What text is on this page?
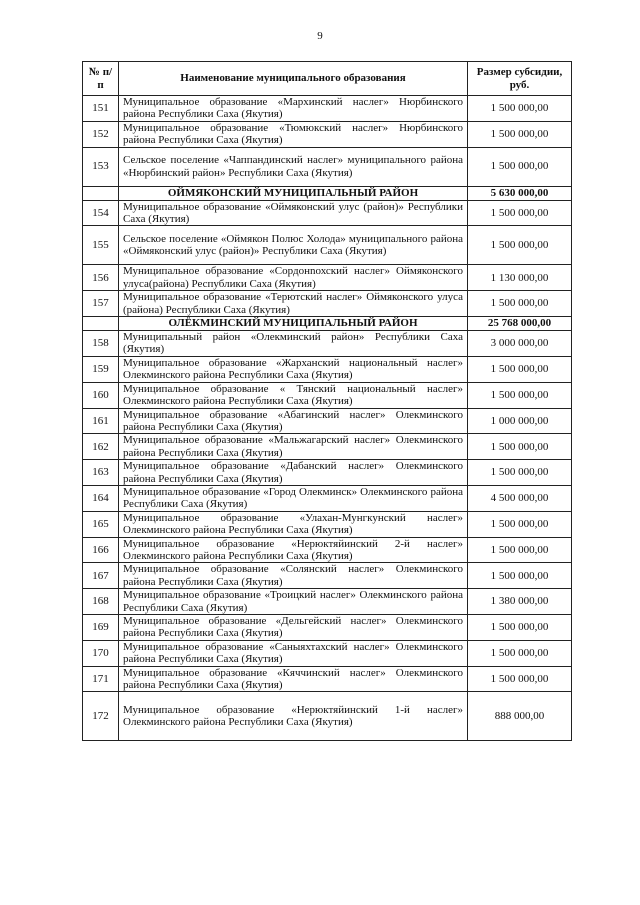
9
№ п/п	Наименование муниципального образования	Размер субсидии, руб.
151	Муниципальное образование «Мархинский наслег» Нюрбинского района Республики Саха (Якутия)	1 500 000,00
152	Муниципальное образование «Тюмюкский наслег» Нюрбинского района Республики Саха (Якутия)	1 500 000,00
153	Сельское поселение «Чаппандинский наслег» муниципального района «Нюрбинский район» Республики Саха (Якутия)	1 500 000,00
	ОЙМЯКОНСКИЙ МУНИЦИПАЛЬНЫЙ РАЙОН	5 630 000,00
154	Муниципальное образование «Оймяконский улус (район)» Республики Саха (Якутия)	1 500 000,00
155	Сельское поселение «Оймякон Полюс Холода» муниципального района «Оймяконский улус (район)» Республики Саха (Якутия)	1 500 000,00
156	Муниципальное образование «Сордонnохский наслег» Оймяконского улуса(района) Республики Саха (Якутия)	1 130 000,00
157	Муниципальное образование «Терютский наслег» Оймяконского улуса (района) Республики Саха (Якутия)	1 500 000,00
	ОЛЁКМИНСКИЙ МУНИЦИПАЛЬНЫЙ РАЙОН	25 768 000,00
158	Муниципальный район «Олекминский район» Республики Саха (Якутия)	3 000 000,00
159	Муниципальное образование «Жарханский национальный наслег» Олекминского района Республики Саха (Якутия)	1 500 000,00
160	Муниципальное образование « Тянский национальный наслег» Олекминского района Республики Саха (Якутия)	1 500 000,00
161	Муниципальное образование «Абагинский наслег» Олекминского района Республики Саха (Якутия)	1 000 000,00
162	Муниципальное образование «Мальжагарский наслег» Олекминского района Республики Саха (Якутия)	1 500 000,00
163	Муниципальное образование «Дабанский наслег» Олекминского района Республики Саха (Якутия)	1 500 000,00
164	Муниципальное образование «Город Олекминск» Олекминского района Республики Саха (Якутия)	4 500 000,00
165	Муниципальное образование «Улахан-Мунгкунский наслег» Олекминского района Республики Саха (Якутия)	1 500 000,00
166	Муниципальное образование «Нерюктяйинский 2-й наслег» Олекминского района Республики Саха (Якутия)	1 500 000,00
167	Муниципальное образование «Солянский наслег» Олекминского района Республики Саха (Якутия)	1 500 000,00
168	Муниципальное образование «Троицкий наслег» Олекминского района Республики Саха (Якутия)	1 380 000,00
169	Муниципальное образование «Дельгейский наслег» Олекминского района Республики Саха (Якутия)	1 500 000,00
170	Муниципальное образование «Саныяхтахский наслег» Олекминского района Республики Саха (Якутия)	1 500 000,00
171	Муниципальное образование «Кяччинский наслег» Олекминского района Республики Саха (Якутия)	1 500 000,00
172	Муниципальное образование «Нерюктяйинский 1-й наслег» Олекминского района Республики Саха (Якутия)	888 000,00
